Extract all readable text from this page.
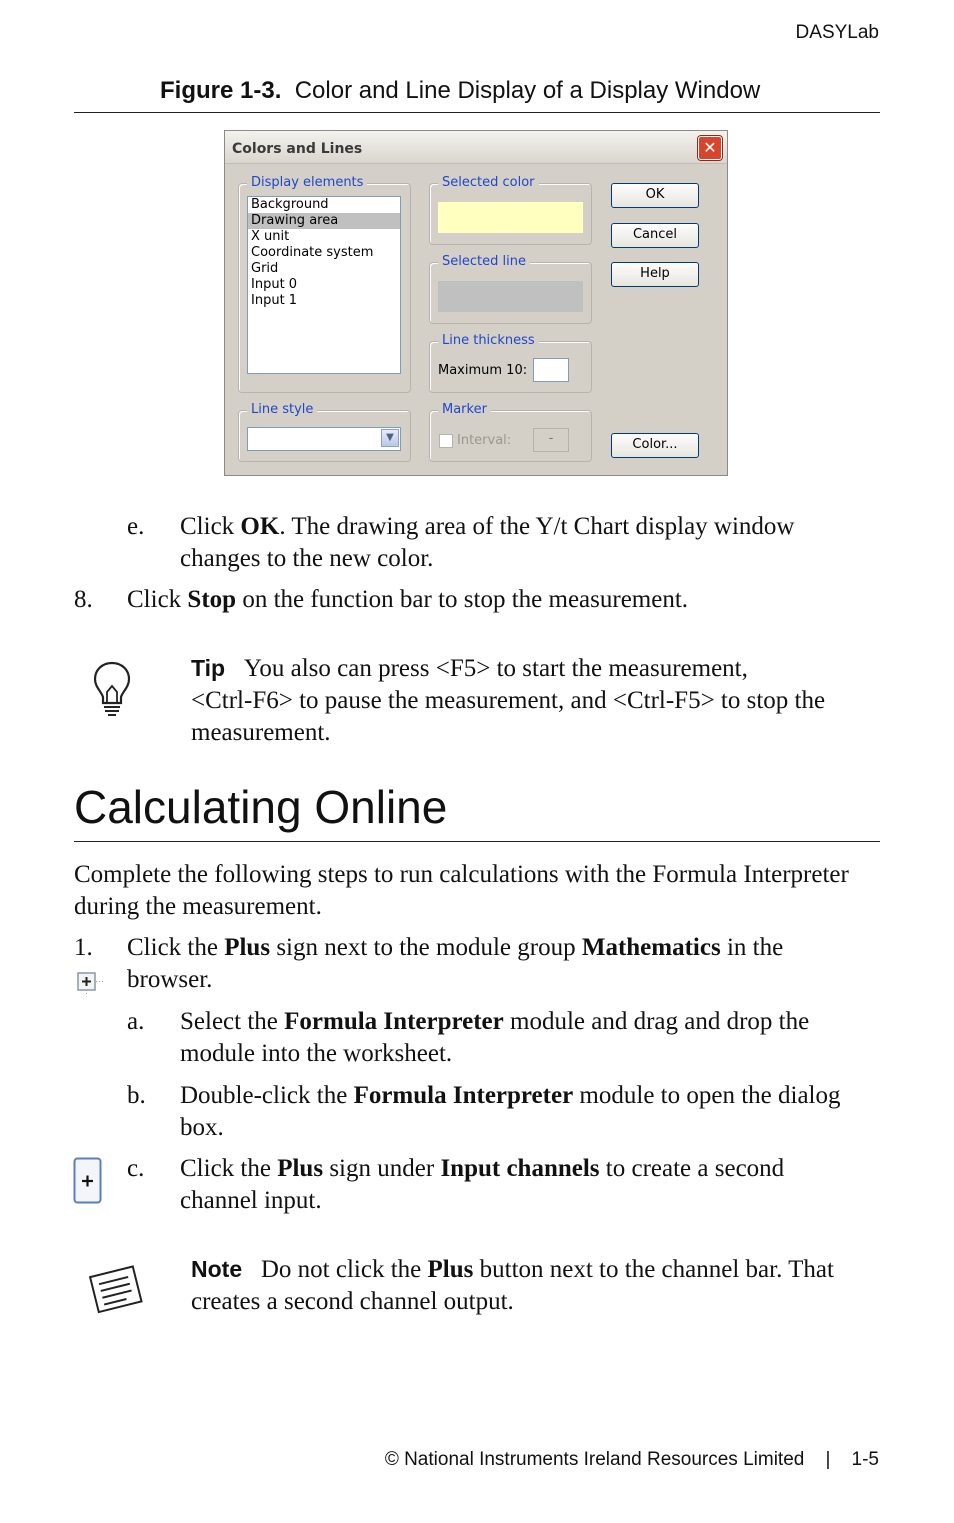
DASYLab
Figure 1-3. Color and Line Display of a Display Window
Colors and Lines	✕
Display elements
Background
Drawing area
X unit
Coordinate system
Grid
Input 0
Input 1
Selected color
Selected line
Line thickness
Maximum 10:
Line style
▼
Marker
Interval:	-
OK
Cancel
Help
Color...
e. Click OK. The drawing area of the Y/t Chart display window
changes to the new color.
8. Click Stop on the function bar to stop the measurement.
Tip You also can press <F5> to start the measurement,
<Ctrl-F6> to pause the measurement, and <Ctrl-F5> to stop the
measurement.
Calculating Online
Complete the following steps to run calculations with the Formula Interpreter
during the measurement.
1. Click the Plus sign next to the module group Mathematics in the
browser.
a. Select the Formula Interpreter module and drag and drop the
module into the worksheet.
b. Double-click the Formula Interpreter module to open the dialog
box.
c. Click the Plus sign under Input channels to create a second
channel input.
Note Do not click the Plus button next to the channel bar. That
creates a second channel output.
© National Instruments Ireland Resources Limited | 1-5
